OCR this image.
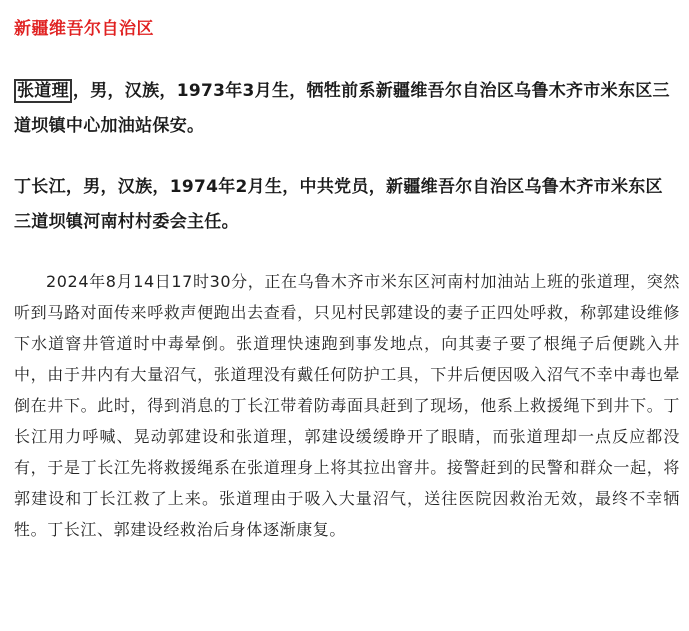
新疆维吾尔自治区

张道理 ，男，汉族，1973年3月生，牺牲前系新疆维吾尔自治区乌鲁木齐市米东区三道坝镇中心加油站保安。

丁长江，男，汉族，1974年2月生，中共党员，新疆维吾尔自治区乌鲁木齐市米东区三道坝镇河南村村委会主任。

2024年8月14日17时30分，正在乌鲁木齐市米东区河南村加油站上班的张道理，突然听到马路对面传来呼救声便跑出去查看，只见村民郭建设的妻子正四处呼救，称郭建设维修下水道窨井管道时中毒晕倒。张道理快速跑到事发地点，向其妻子要了根绳子后便跳入井中，由于井内有大量沼气，张道理没有戴任何防护工具，下井后便因吸入沼气不幸中毒也晕倒在井下。此时，得到消息的丁长江带着防毒面具赶到了现场，他系上救援绳下到井下。丁长江用力呼喊、晃动郭建设和张道理，郭建设缓缓睁开了眼睛，而张道理却一点反应都没有，于是丁长江先将救援绳系在张道理身上将其拉出窨井。接警赶到的民警和群众一起，将郭建设和丁长江救了上来。张道理由于吸入大量沼气，送往医院因救治无效，最终不幸牺牲。丁长江、郭建设经救治后身体逐渐康复。
